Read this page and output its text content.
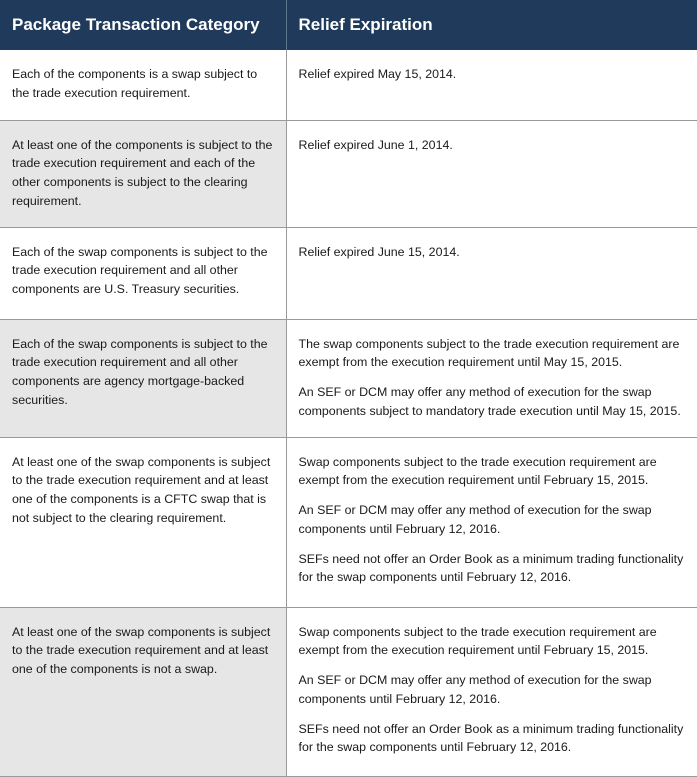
Package Transaction Category	Relief Expiration

Each of the components is a swap subject to the trade execution requirement.	Relief expired May 15, 2014.

At least one of the components is subject to the trade execution requirement and each of the other components is subject to the clearing requirement.	Relief expired June 1, 2014.

Each of the swap components is subject to the trade execution requirement and all other components are U.S. Treasury securities.	Relief expired June 15, 2014.

Each of the swap components is subject to the trade execution requirement and all other components are agency mortgage-backed securities.	The swap components subject to the trade execution requirement are exempt from the execution requirement until May 15, 2015.

An SEF or DCM may offer any method of execution for the swap components subject to mandatory trade execution until May 15, 2015.

At least one of the swap components is subject to the trade execution requirement and at least one of the components is a CFTC swap that is not subject to the clearing requirement.	Swap components subject to the trade execution requirement are exempt from the execution requirement until February 15, 2015.

An SEF or DCM may offer any method of execution for the swap components until February 12, 2016.

SEFs need not offer an Order Book as a minimum trading functionality for the swap components until February 12, 2016.

At least one of the swap components is subject to the trade execution requirement and at least one of the components is not a swap.	Swap components subject to the trade execution requirement are exempt from the execution requirement until February 15, 2015.

An SEF or DCM may offer any method of execution for the swap components until February 12, 2016.

SEFs need not offer an Order Book as a minimum trading functionality for the swap components until February 12, 2016.
